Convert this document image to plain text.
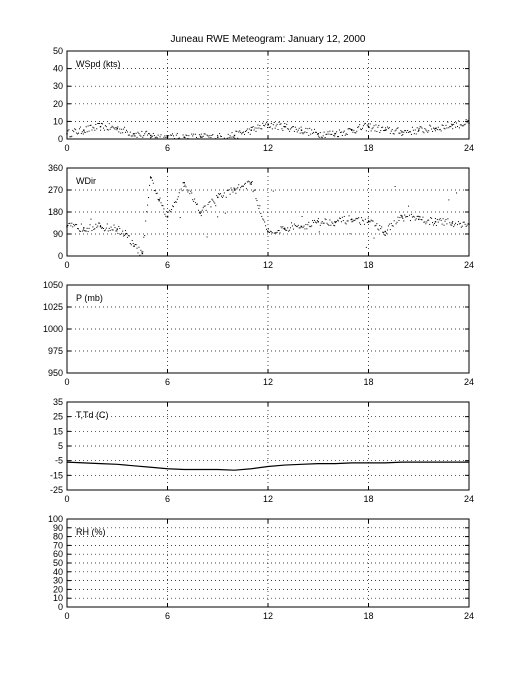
Juneau RWE Meteogram: January 12, 2000
0	6	12	18	24
0
10
20
30
40
50
WSpd (kts)
0	6	12	18	24
0
90
180
270
360
WDir
0	6	12	18	24
950
975
1000
1025
1050
P (mb)
0	6	12	18	24
-25
-15
-5
5
15
25
35
T,Td (C)
0	6	12	18	24
0
10
20
30
40
50
60
70
80
90
100
RH (%)
